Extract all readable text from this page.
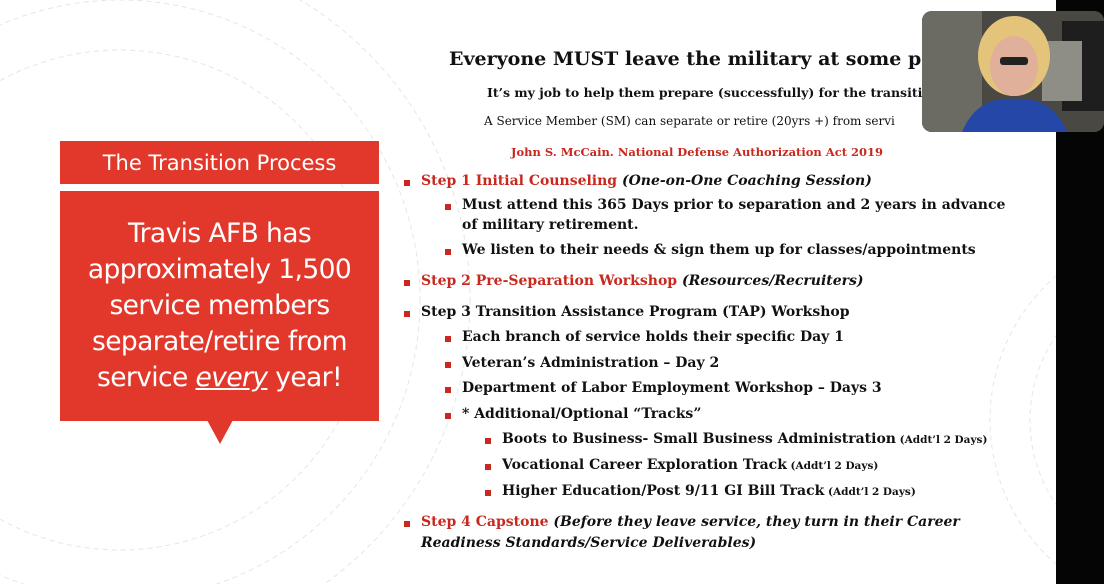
The Transition Process
Travis AFB has
approximately 1,500
service members
separate/retire from
service every year!
Everyone MUST leave the military at some p
It’s my job to help them prepare (successfully) for the transiti
A Service Member (SM) can separate or retire (20yrs +) from servi
John S. McCain. National Defense Authorization Act 2019
Step 1 Initial Counseling (One-on-One Coaching Session)
Must attend this 365 Days prior to separation and 2 years in advance
of military retirement.
We listen to their needs & sign them up for classes/appointments
Step 2 Pre-Separation Workshop (Resources/Recruiters)
Step 3 Transition Assistance Program (TAP) Workshop
Each branch of service holds their specific Day 1
Veteran’s Administration – Day 2
Department of Labor Employment Workshop – Days 3
* Additional/Optional “Tracks”
Boots to Business- Small Business Administration (Addt’l 2 Days)
Vocational Career Exploration Track (Addt’l 2 Days)
Higher Education/Post 9/11 GI Bill Track (Addt’l 2 Days)
Step 4 Capstone (Before they leave service, they turn in their Career
Readiness Standards/Service Deliverables)
